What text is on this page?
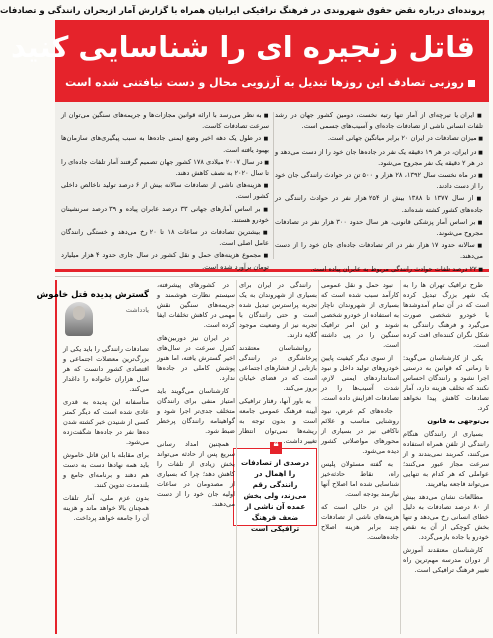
پرونده‌ای درباره نقض حقوق شهروندی در فرهنگ ترافیکی ایرانیان همراه با گزارش آمار ازبحران رانندگی و تصادفات
قاتل زنجیره ای را شناسایی کنید
روزبی تصادف این روزها تبدیل به آرزویی محال و دست نیافتنی شده است

■ ایران یا تیرچه‌ای از آمار تنها رتبه نخست، دومین کشور جهان در رشد تلفات انسانی ناشی از تصادفات جاده‌ای و آسیب‌های جسمی است.

■ میزان تصادفات در ایران ۲۰ برابر میانگین جهانی است.

■ در ایران، در هر ۱۹ دقیقه یک نفر در جاده‌ها جان خود را از دست می‌دهد و در هر ۲ دقیقه یک نفر مجروح می‌شود.

■ در ماه نخست سال ۱۳۹۲، ۲۸ هزار و ۵۰۰ تن در حوادث رانندگی جان خود را از دست دادند.

■ از سال ۱۳۷۷ تا ۱۳۸۸ بیش از ۲۵۴ هزار نفر در حوادث رانندگی در جاده‌های کشور کشته شده‌اند.

■ بر اساس آمار پزشکی قانونی، هر سال حدود ۳۰۰ هزار نفر در تصادفات مجروح می‌شوند.

■ سالانه حدود ۱۷ هزار نفر در اثر تصادفات جاده‌ای جان خود را از دست می‌دهند.

■ ۲۲ درصد تلفات حوادث رانندگی مربوط به عابران پیاده است.

■ به نظر می‌رسد با ارائه قوانین مجازات‌ها و جریمه‌های سنگین می‌توان از سرعت تصادفات کاست.

■ در طول یک دهه اخیر وضع ایمنی جاده‌ها به سبب پیگیری‌های سازمان‌ها بهبود یافته است.

■ در سال ۲۰۰۷ میلادی ۱۷۸ کشور جهان تصمیم گرفتند آمار تلفات جاده‌ای را تا سال ۲۰۲۰ به نصف کاهش دهند.

■ هزینه‌های ناشی از تصادفات سالانه بیش از ۶ درصد تولید ناخالص داخلی کشور است.

■ بر اساس آمارهای جهانی ۳۳ درصد عابران پیاده و ۳۹ درصد سرنشینان خودرو هستند.

■ بیشترین تصادفات در ساعات ۱۸ تا ۲۰ رخ می‌دهد و خستگی رانندگان عامل اصلی است.

■ مجموع هزینه‌های حمل و نقل کشور در سال جاری حدود ۴ هزار میلیارد تومان برآورد شده است.

طرح ترافیک تهران ها را به یک شهر بزرگ تبدیل کرده است که در آن تمام آمدوشدها با خودرو شخصی صورت می‌گیرد و فرهنگ رانندگی به شکل نگران کننده‌ای افت کرده است.

یکی از کارشناسان می‌گوید: تا زمانی که قوانین به درستی اجرا نشود و رانندگان احساس نکنند که تخلف هزینه دارد، آمار تصادفات کاهش پیدا نخواهد کرد.

بی‌توجهی به قانون

بسیاری از رانندگان هنگام رانندگی از تلفن همراه استفاده می‌کنند، کمربند نمی‌بندند و از سرعت مجاز عبور می‌کنند؛ عواملی که هر کدام به تنهایی می‌تواند فاجعه بیافریند.

مطالعات نشان می‌دهد بیش از ۸۰ درصد تصادفات به دلیل خطای انسانی رخ می‌دهد و تنها بخش کوچکی از آن به نقص خودرو یا جاده بازمی‌گردد.

کارشناسان معتقدند آموزش از دوران مدرسه مهم‌ترین راه تغییر فرهنگ ترافیکی است.

نبود حمل و نقل عمومی کارآمد سبب شده است که بسیاری از شهروندان ناچار به استفاده از خودرو شخصی شوند و این امر ترافیک سنگین را در پی داشته است.

از سوی دیگر کیفیت پایین خودروهای تولید داخل و نبود استانداردهای ایمنی لازم، شدت آسیب‌ها را در تصادفات افزایش داده است.

جاده‌های کم عرض، نبود روشنایی مناسب و علائم ناکافی نیز در بسیاری از محورهای مواصلاتی کشور دیده می‌شود.

به گفته مسئولان پلیس راه، نقاط حادثه‌خیز شناسایی شده اما اصلاح آنها نیازمند بودجه است.

این در حالی است که هزینه‌های ناشی از تصادفات چند برابر هزینه اصلاح جاده‌هاست.

رانندگی در ایران برای بسیاری از شهروندان به یک تجربه پراسترس تبدیل شده است و حتی رانندگان با تجربه نیز از وضعیت موجود گلایه دارند.

روانشناسان معتقدند پرخاشگری در رانندگی بازتابی از فشارهای اجتماعی است که در فضای خیابان بروز می‌کند.

به باور آنها، رفتار ترافیکی آیینه فرهنگ عمومی جامعه است و بدون توجه به ریشه‌ها نمی‌توان انتظار تغییر داشت.

❝
درصدی از تصادفات را اهمال در رانندگی رقم می‌زند، ولی بخش عمده آن ناشی از ضعف فرهنگ ترافیکی است

در کشورهای پیشرفته، سیستم نظارت هوشمند و جریمه‌های سنگین نقش مهمی در کاهش تخلفات ایفا کرده است.

در ایران نیز دوربین‌های کنترل سرعت در سال‌های اخیر گسترش یافته، اما هنوز پوشش کاملی در جاده‌ها ندارد.

کارشناسان می‌گویند باید امتیاز منفی برای رانندگان متخلف جدی‌تر اجرا شود و گواهینامه رانندگان پرخطر ضبط شود.

همچنین امداد رسانی سریع پس از حادثه می‌تواند بخش زیادی از تلفات را کاهش دهد؛ چرا که بسیاری از مصدومان در ساعات اولیه جان خود را از دست می‌دهند.

گسترش پدیده قتل خاموش
یادداشت

تصادفات رانندگی را باید یکی از بزرگ‌ترین معضلات اجتماعی و اقتصادی کشور دانست که هر سال هزاران خانواده را داغدار می‌کند.

متأسفانه این پدیده به قدری عادی شده است که دیگر کمتر کسی از شنیدن خبر کشته شدن ده‌ها نفر در جاده‌ها شگفت‌زده می‌شود.

برای مقابله با این قاتل خاموش باید همه نهادها دست به دست هم دهند و برنامه‌ای جامع و بلندمدت تدوین کنند.

بدون عزم ملی، آمار تلفات همچنان بالا خواهد ماند و هزینه آن را جامعه خواهد پرداخت.
